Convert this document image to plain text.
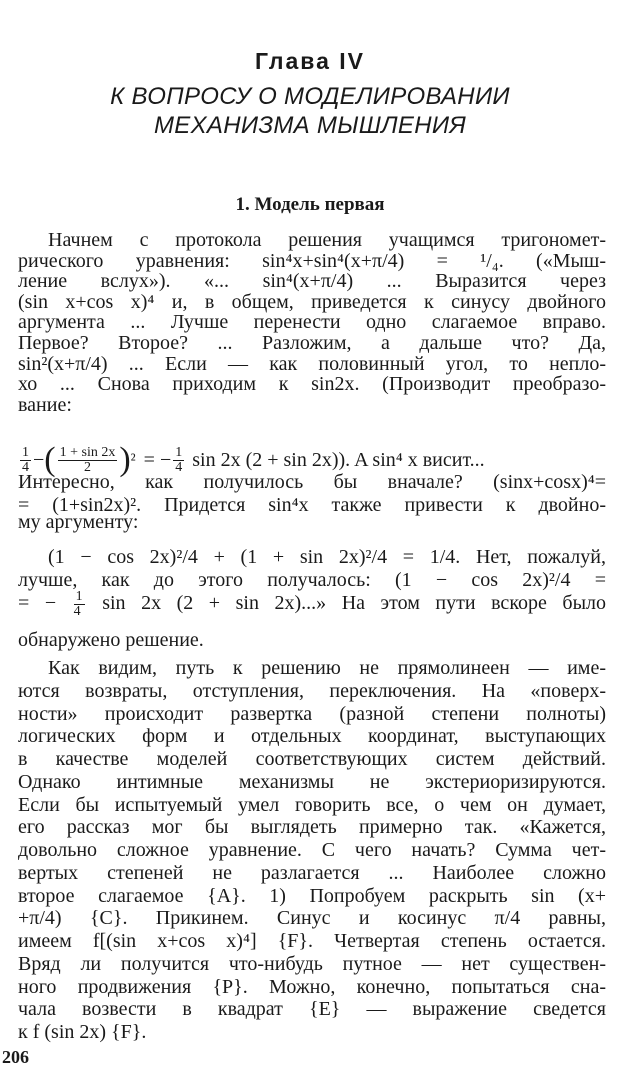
Глава IV
К ВОПРОСУ О МОДЕЛИРОВАНИИ
МЕХАНИЗМА МЫШЛЕНИЯ
1. Модель первая
Начнем с протокола решения учащимся тригономет-
рического уравнения: sin⁴x+sin⁴(x+π/4) = ¹/₄. («Мыш-
ление вслух»). «... sin⁴(x+π/4) ... Выразится через
(sin x+cos x)⁴ и, в общем, приведется к синусу двойного
аргумента ... Лучше перенести одно слагаемое вправо.
Первое? Второе? ... Разложим, а дальше что? Да,
sin²(x+π/4) ... Если — как половинный угол, то непло-
хо ... Снова приходим к sin2x. (Производит преобразо-
вание:
Интересно, как получилось бы вначале? (sinx+cosx)⁴=
= (1+sin2x)². Придется sin⁴x также привести к двойно-
му аргументу:
(1 − cos 2x)²/4 + (1 + sin 2x)²/4 = 1/4. Нет, пожалуй,
лучше, как до этого получалось: (1 − cos 2x)²/4 =
обнаружено решение.
Как видим, путь к решению не прямолинеен — име-
ются возвраты, отступления, переключения. На «поверх-
ности» происходит развертка (разной степени полноты)
логических форм и отдельных координат, выступающих
в качестве моделей соответствующих систем действий.
Однако интимные механизмы не экстериоризируются.
Если бы испытуемый умел говорить все, о чем он думает,
его рассказ мог бы выглядеть примерно так. «Кажется,
довольно сложное уравнение. С чего начать? Сумма чет-
вертых степеней не разлагается ... Наиболее сложно
второе слагаемое {A}. 1) Попробуем раскрыть sin (x+
+π/4) {C}. Прикинем. Синус и косинус π/4 равны,
имеем f[(sin x+cos x)⁴] {F}. Четвертая степень остается.
Вряд ли получится что-нибудь путное — нет существен-
ного продвижения {P}. Можно, конечно, попытаться сна-
чала возвести в квадрат {E} — выражение сведется
к f (sin 2x) {F}.
$\frac{1}{4}$ − ( $\frac{1 + \sin 2x}{2}$ ) ² = − $\frac{1}{4}$ sin 2x (2 + sin 2x)). A sin⁴ x висит...
= − $\frac{1}{4}$ sin 2x (2 + sin 2x)...» На этом пути вскоре было
206
